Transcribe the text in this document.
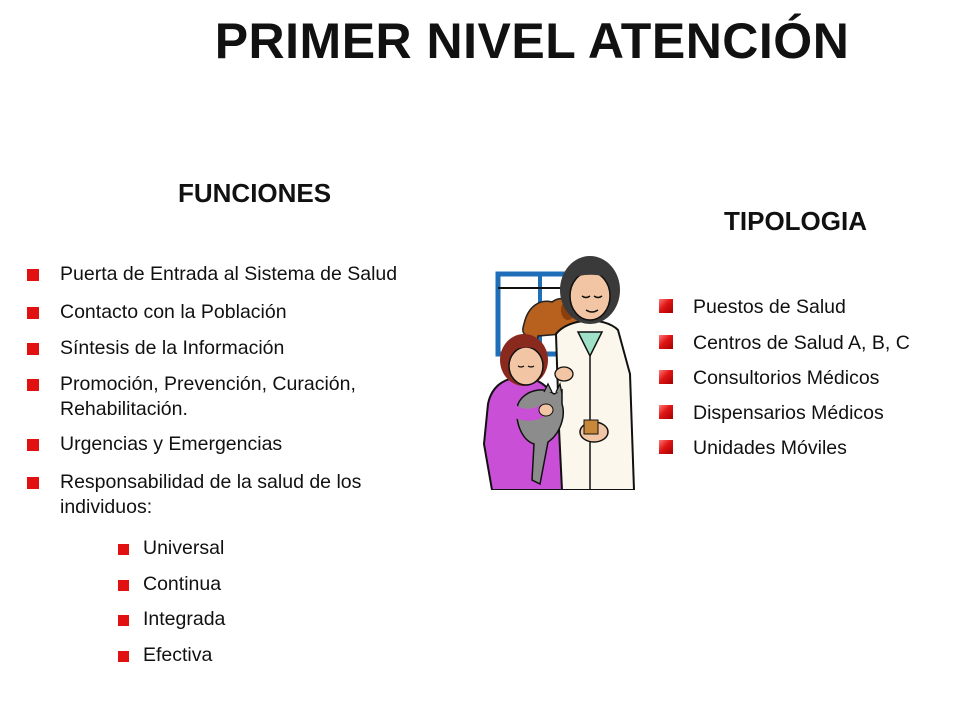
PRIMER NIVEL ATENCIÓN
FUNCIONES
TIPOLOGIA
Puerta de Entrada al Sistema de Salud
Contacto con la Población
Síntesis de la Información
Promoción, Prevención, Curación,
Rehabilitación.
Urgencias y Emergencias
Responsabilidad de la salud de los
individuos:
Universal
Continua
Integrada
Efectiva
Puestos de Salud
Centros de Salud A, B, C
Consultorios Médicos
Dispensarios Médicos
Unidades Móviles
